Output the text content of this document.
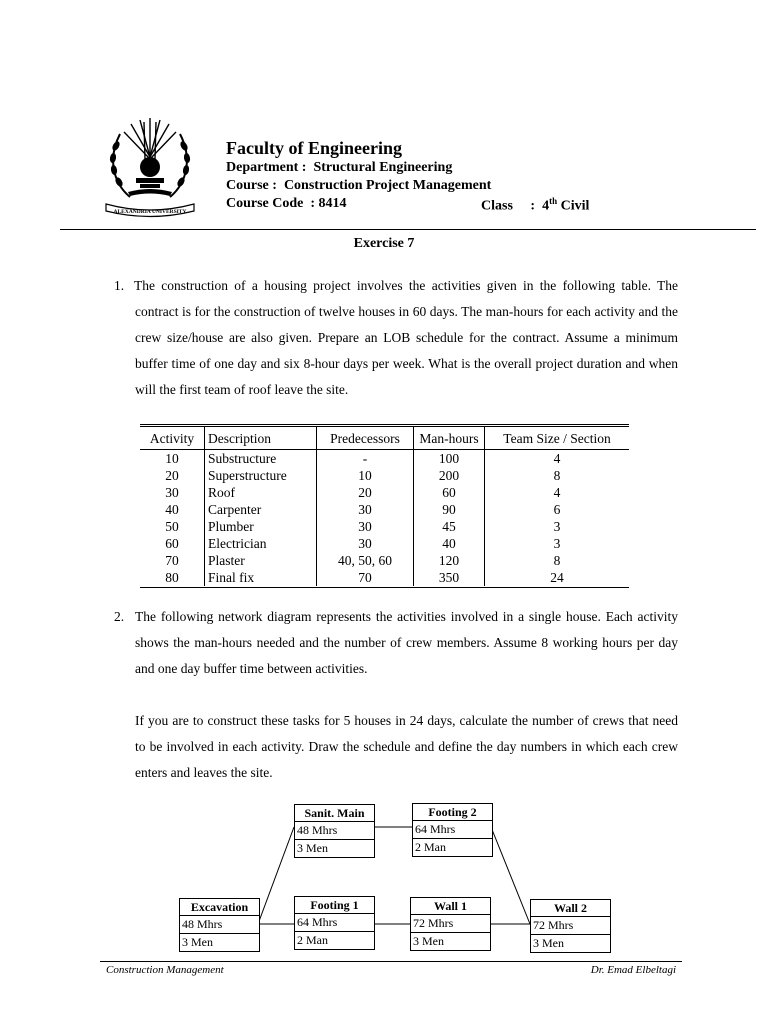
ALEXANDRIA UNIVERSITY
Faculty of Engineering
Department : Structural Engineering
Course : Construction Project Management
Course Code  : 8414	Class : 4th Civil
Exercise 7
1. The construction of a housing project involves the activities given in the following table. The contract is for the construction of twelve houses in 60 days. The man-hours for each activity and the crew size/house are also given. Prepare an LOB schedule for the contract. Assume a minimum buffer time of one day and six 8-hour days per week. What is the overall project duration and when will the first team of roof leave the site.
Activity	Description	Predecessors	Man-hours	Team Size / Section
10	Substructure	-	100	4
20	Superstructure	10	200	8
30	Roof	20	60	4
40	Carpenter	30	90	6
50	Plumber	30	45	3
60	Electrician	30	40	3
70	Plaster	40, 50, 60	120	8
80	Final fix	70	350	24
2. The following network diagram represents the activities involved in a single house. Each activity shows the man-hours needed and the number of crew members. Assume 8 working hours per day and one day buffer time between activities.
If you are to construct these tasks for 5 houses in 24 days, calculate the number of crews that need to be involved in each activity. Draw the schedule and define the day numbers in which each crew enters and leaves the site.
Sanit. Main
48 Mhrs
3 Men
Footing 2
64 Mhrs
2 Man
Excavation
48 Mhrs
3 Men
Footing 1
64 Mhrs
2 Man
Wall 1
72 Mhrs
3 Men
Wall 2
72 Mhrs
3 Men
Construction Management	Dr. Emad Elbeltagi
